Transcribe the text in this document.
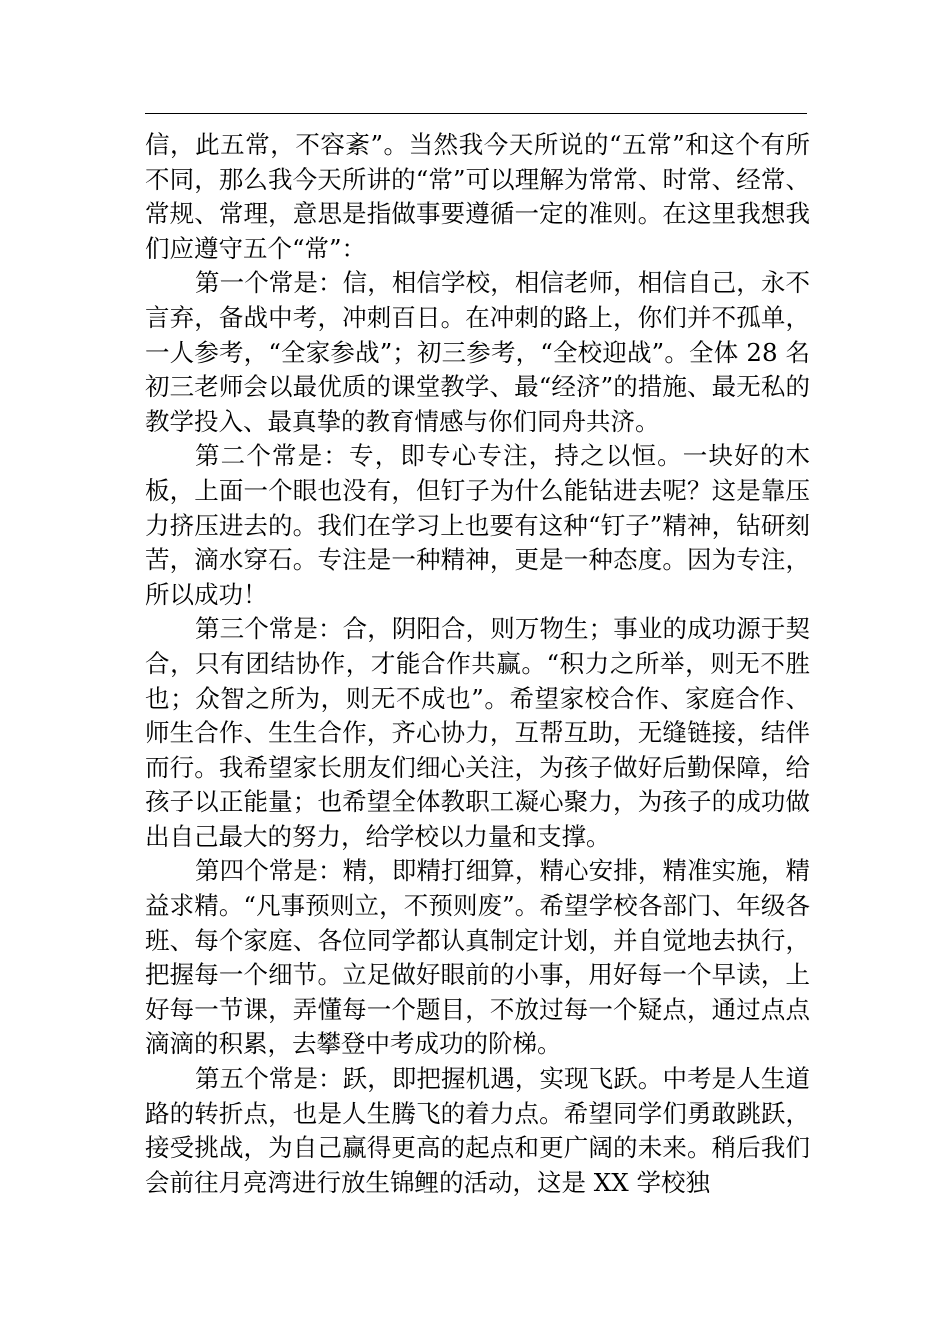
信，此五常，不容紊”。当然我今天所说的“五常”和这个有所不同，那么我今天所讲的“常”可以理解为常常、时常、经常、常规、常理，意思是指做事要遵循一定的准则。在这里我想我们应遵守五个“常”：

第一个常是：信，相信学校，相信老师，相信自己，永不言弃，备战中考，冲刺百日。在冲刺的路上，你们并不孤单，一人参考，“全家参战”；初三参考，“全校迎战”。全体 28 名初三老师会以最优质的课堂教学、最“经济”的措施、最无私的教学投入、最真挚的教育情感与你们同舟共济。

第二个常是：专，即专心专注，持之以恒。一块好的木板，上面一个眼也没有，但钉子为什么能钻进去呢？这是靠压力挤压进去的。我们在学习上也要有这种“钉子”精神，钻研刻苦，滴水穿石。专注是一种精神，更是一种态度。因为专注，所以成功！

第三个常是：合，阴阳合，则万物生；事业的成功源于契合，只有团结协作，才能合作共赢。“积力之所举，则无不胜也；众智之所为，则无不成也”。希望家校合作、家庭合作、师生合作、生生合作，齐心协力，互帮互助，无缝链接，结伴而行。我希望家长朋友们细心关注，为孩子做好后勤保障，给孩子以正能量；也希望全体教职工凝心聚力，为孩子的成功做出自己最大的努力，给学校以力量和支撑。

第四个常是：精，即精打细算，精心安排，精准实施，精益求精。“凡事预则立，不预则废”。希望学校各部门、年级各班、每个家庭、各位同学都认真制定计划，并自觉地去执行，把握每一个细节。立足做好眼前的小事，用好每一个早读，上好每一节课，弄懂每一个题目，不放过每一个疑点，通过点点滴滴的积累，去攀登中考成功的阶梯。

第五个常是：跃，即把握机遇，实现飞跃。中考是人生道路的转折点，也是人生腾飞的着力点。希望同学们勇敢跳跃，接受挑战，为自己赢得更高的起点和更广阔的未来。稍后我们会前往月亮湾进行放生锦鲤的活动，这是 XX 学校独
